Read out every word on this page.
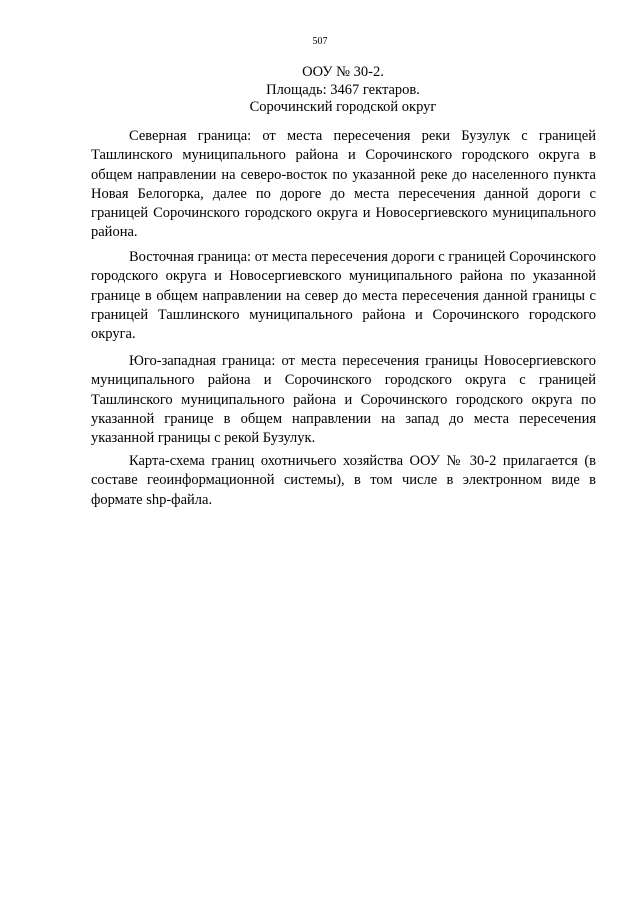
507
ООУ № 30-2.
Площадь: 3467 гектаров.
Сорочинский городской округ

Северная граница: от места пересечения реки Бузулук с границей Ташлинского муниципального района и Сорочинского городского округа в общем направлении на северо-восток по указанной реке до населенного пункта Новая Белогорка, далее по дороге до места пересечения данной дороги с границей Сорочинского городского округа и Новосергиевского муниципального района.

Восточная граница: от места пересечения дороги с границей Сорочинского городского округа и Новосергиевского муниципального района по указанной границе в общем направлении на север до места пересечения данной границы с границей Ташлинского муниципального района и Сорочинского городского округа.

Юго-западная граница: от места пересечения границы Новосергиевского муниципального района и Сорочинского городского округа с границей Ташлинского муниципального района и Сорочинского городского округа по указанной границе в общем направлении на запад до места пересечения указанной границы с рекой Бузулук.

Карта-схема границ охотничьего хозяйства ООУ № 30-2 прилагается (в составе геоинформационной системы), в том числе в электронном виде в формате shp-файла.
